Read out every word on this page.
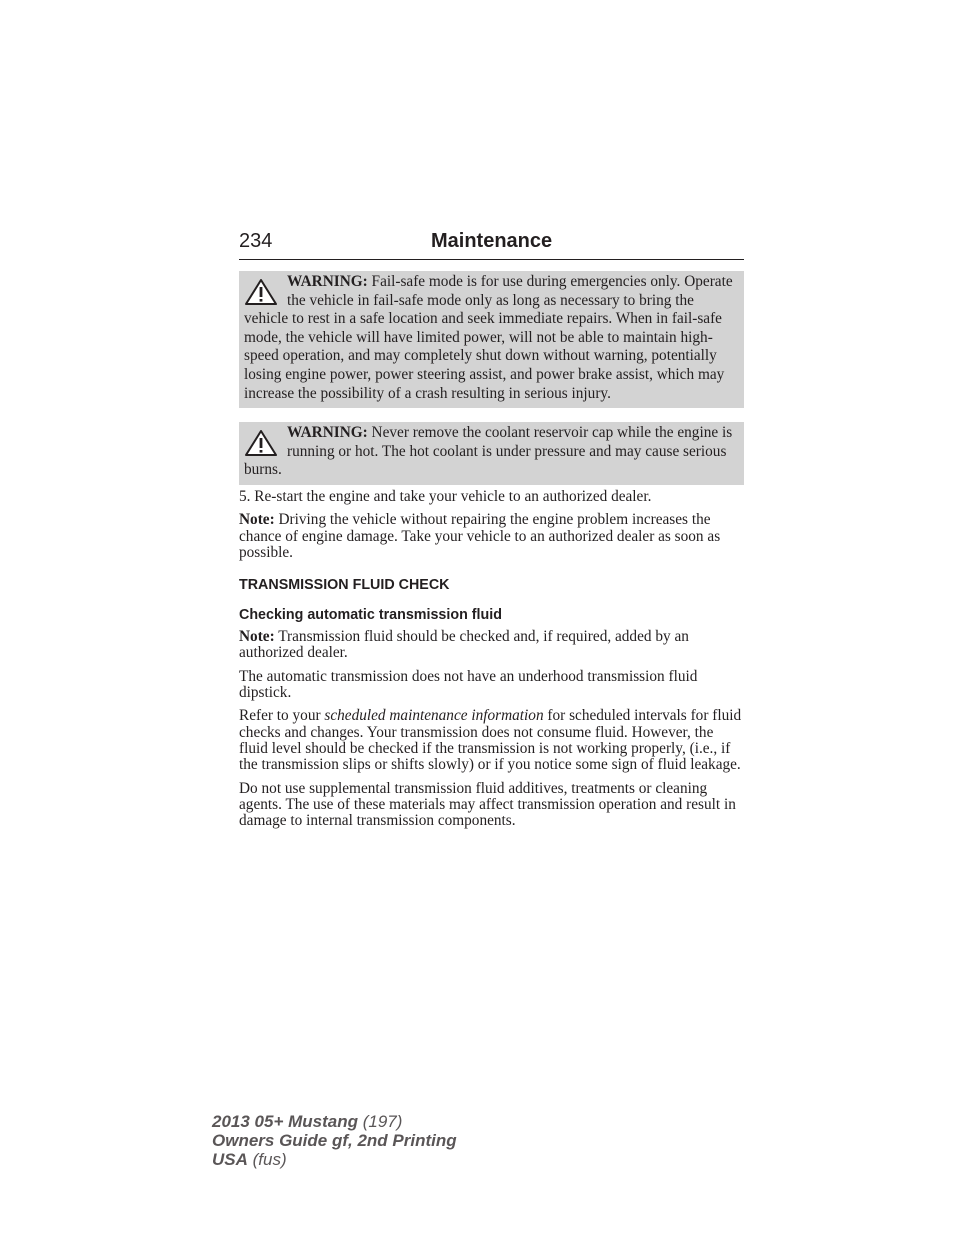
234	Maintenance
WARNING: Fail-safe mode is for use during emergencies only. Operate the vehicle in fail-safe mode only as long as necessary to bring the vehicle to rest in a safe location and seek immediate repairs. When in fail-safe mode, the vehicle will have limited power, will not be able to maintain high-speed operation, and may completely shut down without warning, potentially losing engine power, power steering assist, and power brake assist, which may increase the possibility of a crash resulting in serious injury.
WARNING: Never remove the coolant reservoir cap while the engine is running or hot. The hot coolant is under pressure and may cause serious burns.

5. Re-start the engine and take your vehicle to an authorized dealer.

Note: Driving the vehicle without repairing the engine problem increases the chance of engine damage. Take your vehicle to an authorized dealer as soon as possible.

TRANSMISSION FLUID CHECK
Checking automatic transmission fluid

Note: Transmission fluid should be checked and, if required, added by an authorized dealer.

The automatic transmission does not have an underhood transmission fluid dipstick.

Refer to your scheduled maintenance information for scheduled intervals for fluid checks and changes. Your transmission does not consume fluid. However, the fluid level should be checked if the transmission is not working properly, (i.e., if the transmission slips or shifts slowly) or if you notice some sign of fluid leakage.

Do not use supplemental transmission fluid additives, treatments or cleaning agents. The use of these materials may affect transmission operation and result in damage to internal transmission components.

2013 05+ Mustang (197)
Owners Guide gf, 2nd Printing
USA (fus)
